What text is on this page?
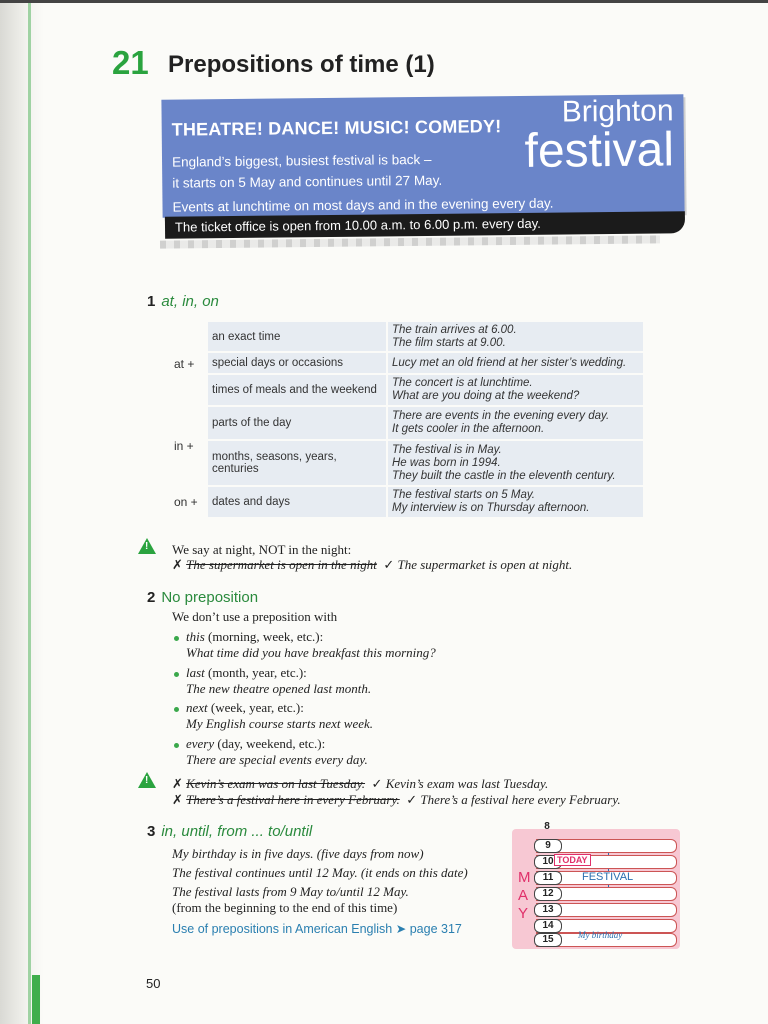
21 Prepositions of time (1)
THEATRE! DANCE! MUSIC! COMEDY!
England’s biggest, busiest festival is back –
it starts on 5 May and continues until 27 May.
Events at lunchtime on most days and in the evening every day.
Brighton
festival
The ticket office is open from 10.00 a.m. to 6.00 p.m. every day.
1 at, in, on
at +	an exact time	The train arrives at 6.00.
The film starts at 9.00.

	special days or occasions	Lucy met an old friend at her sister’s wedding.

	times of meals and the weekend	The concert is at lunchtime.
What are you doing at the weekend?

in +	parts of the day	There are events in the evening every day.
It gets cooler in the afternoon.

	months, seasons, years, centuries	The festival is in May.
He was born in 1994.
They built the castle in the eleventh century.

on +	dates and days	The festival starts on 5 May.
My interview is on Thursday afternoon.
! We say at night, NOT in the night:
✗ The supermarket is open in the night  ✓ The supermarket is open at night.
2 No preposition
We don’t use a preposition with
this (morning, week, etc.):
What time did you have breakfast this morning?
last (month, year, etc.):
The new theatre opened last month.
next (week, year, etc.):
My English course starts next week.
every (day, weekend, etc.):
There are special events every day.
! ✗ Kevin’s exam was on last Tuesday.  ✓ Kevin’s exam was last Tuesday.
✗ There’s a festival here in every February.  ✓ There’s a festival here every February.
3 in, until, from ... to/until
My birthday is in five days. (five days from now)
The festival continues until 12 May. (it ends on this date)
The festival lasts from 9 May to/until 12 May.
(from the beginning to the end of this time)
Use of prepositions in American English ➤ page 317
8
9
10
11
12
13
14
15
M
A
Y
TODAY
FESTIVAL
My birthday
50
